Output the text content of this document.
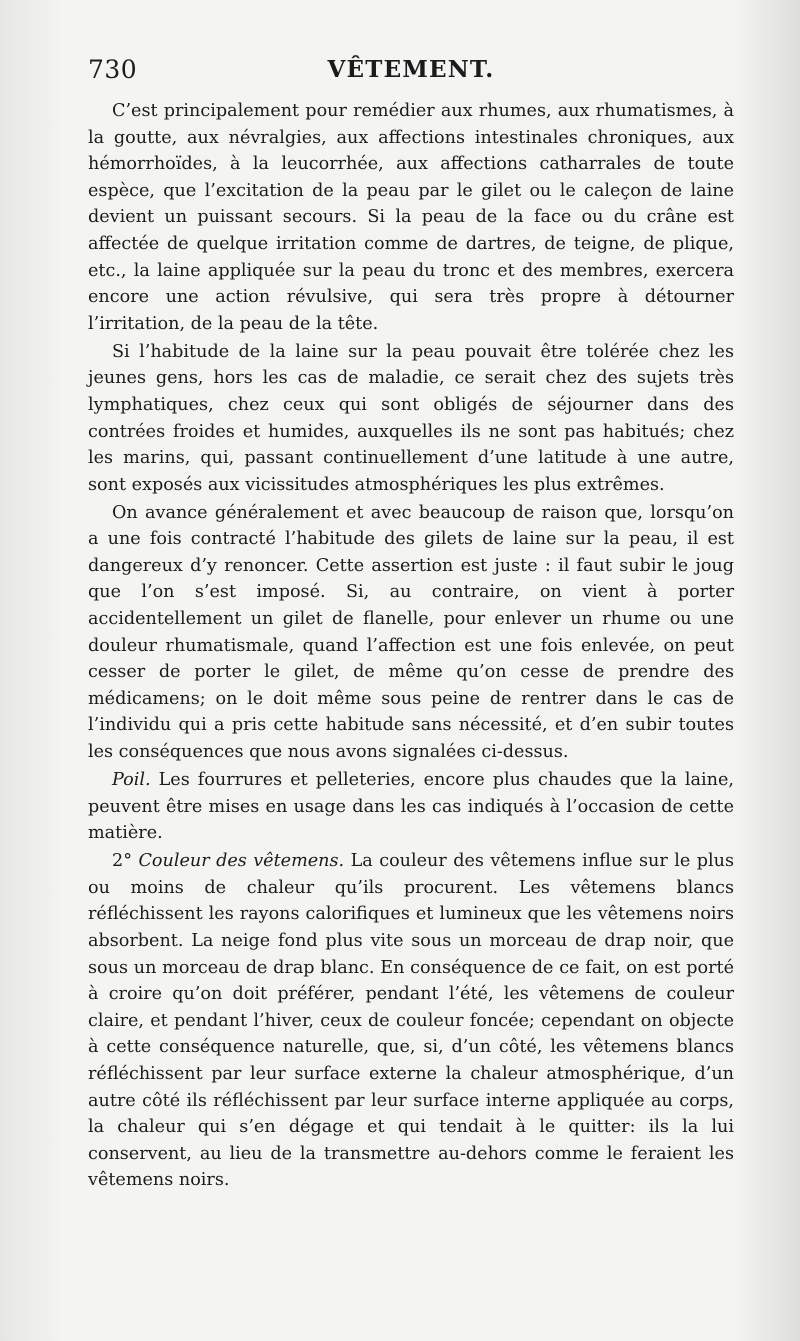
730	VÊTEMENT.

C’est principalement pour remédier aux rhumes, aux rhumatismes, à la goutte, aux névralgies, aux affections intestinales chroniques, aux hémorrhoïdes, à la leucorrhée, aux affections catharrales de toute espèce, que l’excitation de la peau par le gilet ou le caleçon de laine devient un puissant secours. Si la peau de la face ou du crâne est affectée de quelque irritation comme de dartres, de teigne, de plique, etc., la laine appliquée sur la peau du tronc et des membres, exercera encore une action révulsive, qui sera très propre à détourner l’irritation, de la peau de la tête.

Si l’habitude de la laine sur la peau pouvait être tolérée chez les jeunes gens, hors les cas de maladie, ce serait chez des sujets très lymphatiques, chez ceux qui sont obligés de séjourner dans des contrées froides et humides, auxquelles ils ne sont pas habitués; chez les marins, qui, passant continuellement d’une latitude à une autre, sont exposés aux vicissitudes atmosphériques les plus extrêmes.

On avance généralement et avec beaucoup de raison que, lorsqu’on a une fois contracté l’habitude des gilets de laine sur la peau, il est dangereux d’y renoncer. Cette assertion est juste : il faut subir le joug que l’on s’est imposé. Si, au contraire, on vient à porter accidentellement un gilet de flanelle, pour enlever un rhume ou une douleur rhumatismale, quand l’affection est une fois enlevée, on peut cesser de porter le gilet, de même qu’on cesse de prendre des médicamens; on le doit même sous peine de rentrer dans le cas de l’individu qui a pris cette habitude sans nécessité, et d’en subir toutes les conséquences que nous avons signalées ci-dessus.

Poil. Les fourrures et pelleteries, encore plus chaudes que la laine, peuvent être mises en usage dans les cas indiqués à l’occasion de cette matière.

2° Couleur des vêtemens. La couleur des vêtemens influe sur le plus ou moins de chaleur qu’ils procurent. Les vêtemens blancs réfléchissent les rayons calorifiques et lumineux que les vêtemens noirs absorbent. La neige fond plus vite sous un morceau de drap noir, que sous un morceau de drap blanc. En conséquence de ce fait, on est porté à croire qu’on doit préférer, pendant l’été, les vêtemens de couleur claire, et pendant l’hiver, ceux de couleur foncée; cependant on objecte à cette conséquence naturelle, que, si, d’un côté, les vêtemens blancs réfléchissent par leur surface externe la chaleur atmosphérique, d’un autre côté ils réfléchissent par leur surface interne appliquée au corps, la chaleur qui s’en dégage et qui tendait à le quitter: ils la lui conservent, au lieu de la transmettre au-dehors comme le feraient les vêtemens noirs.
